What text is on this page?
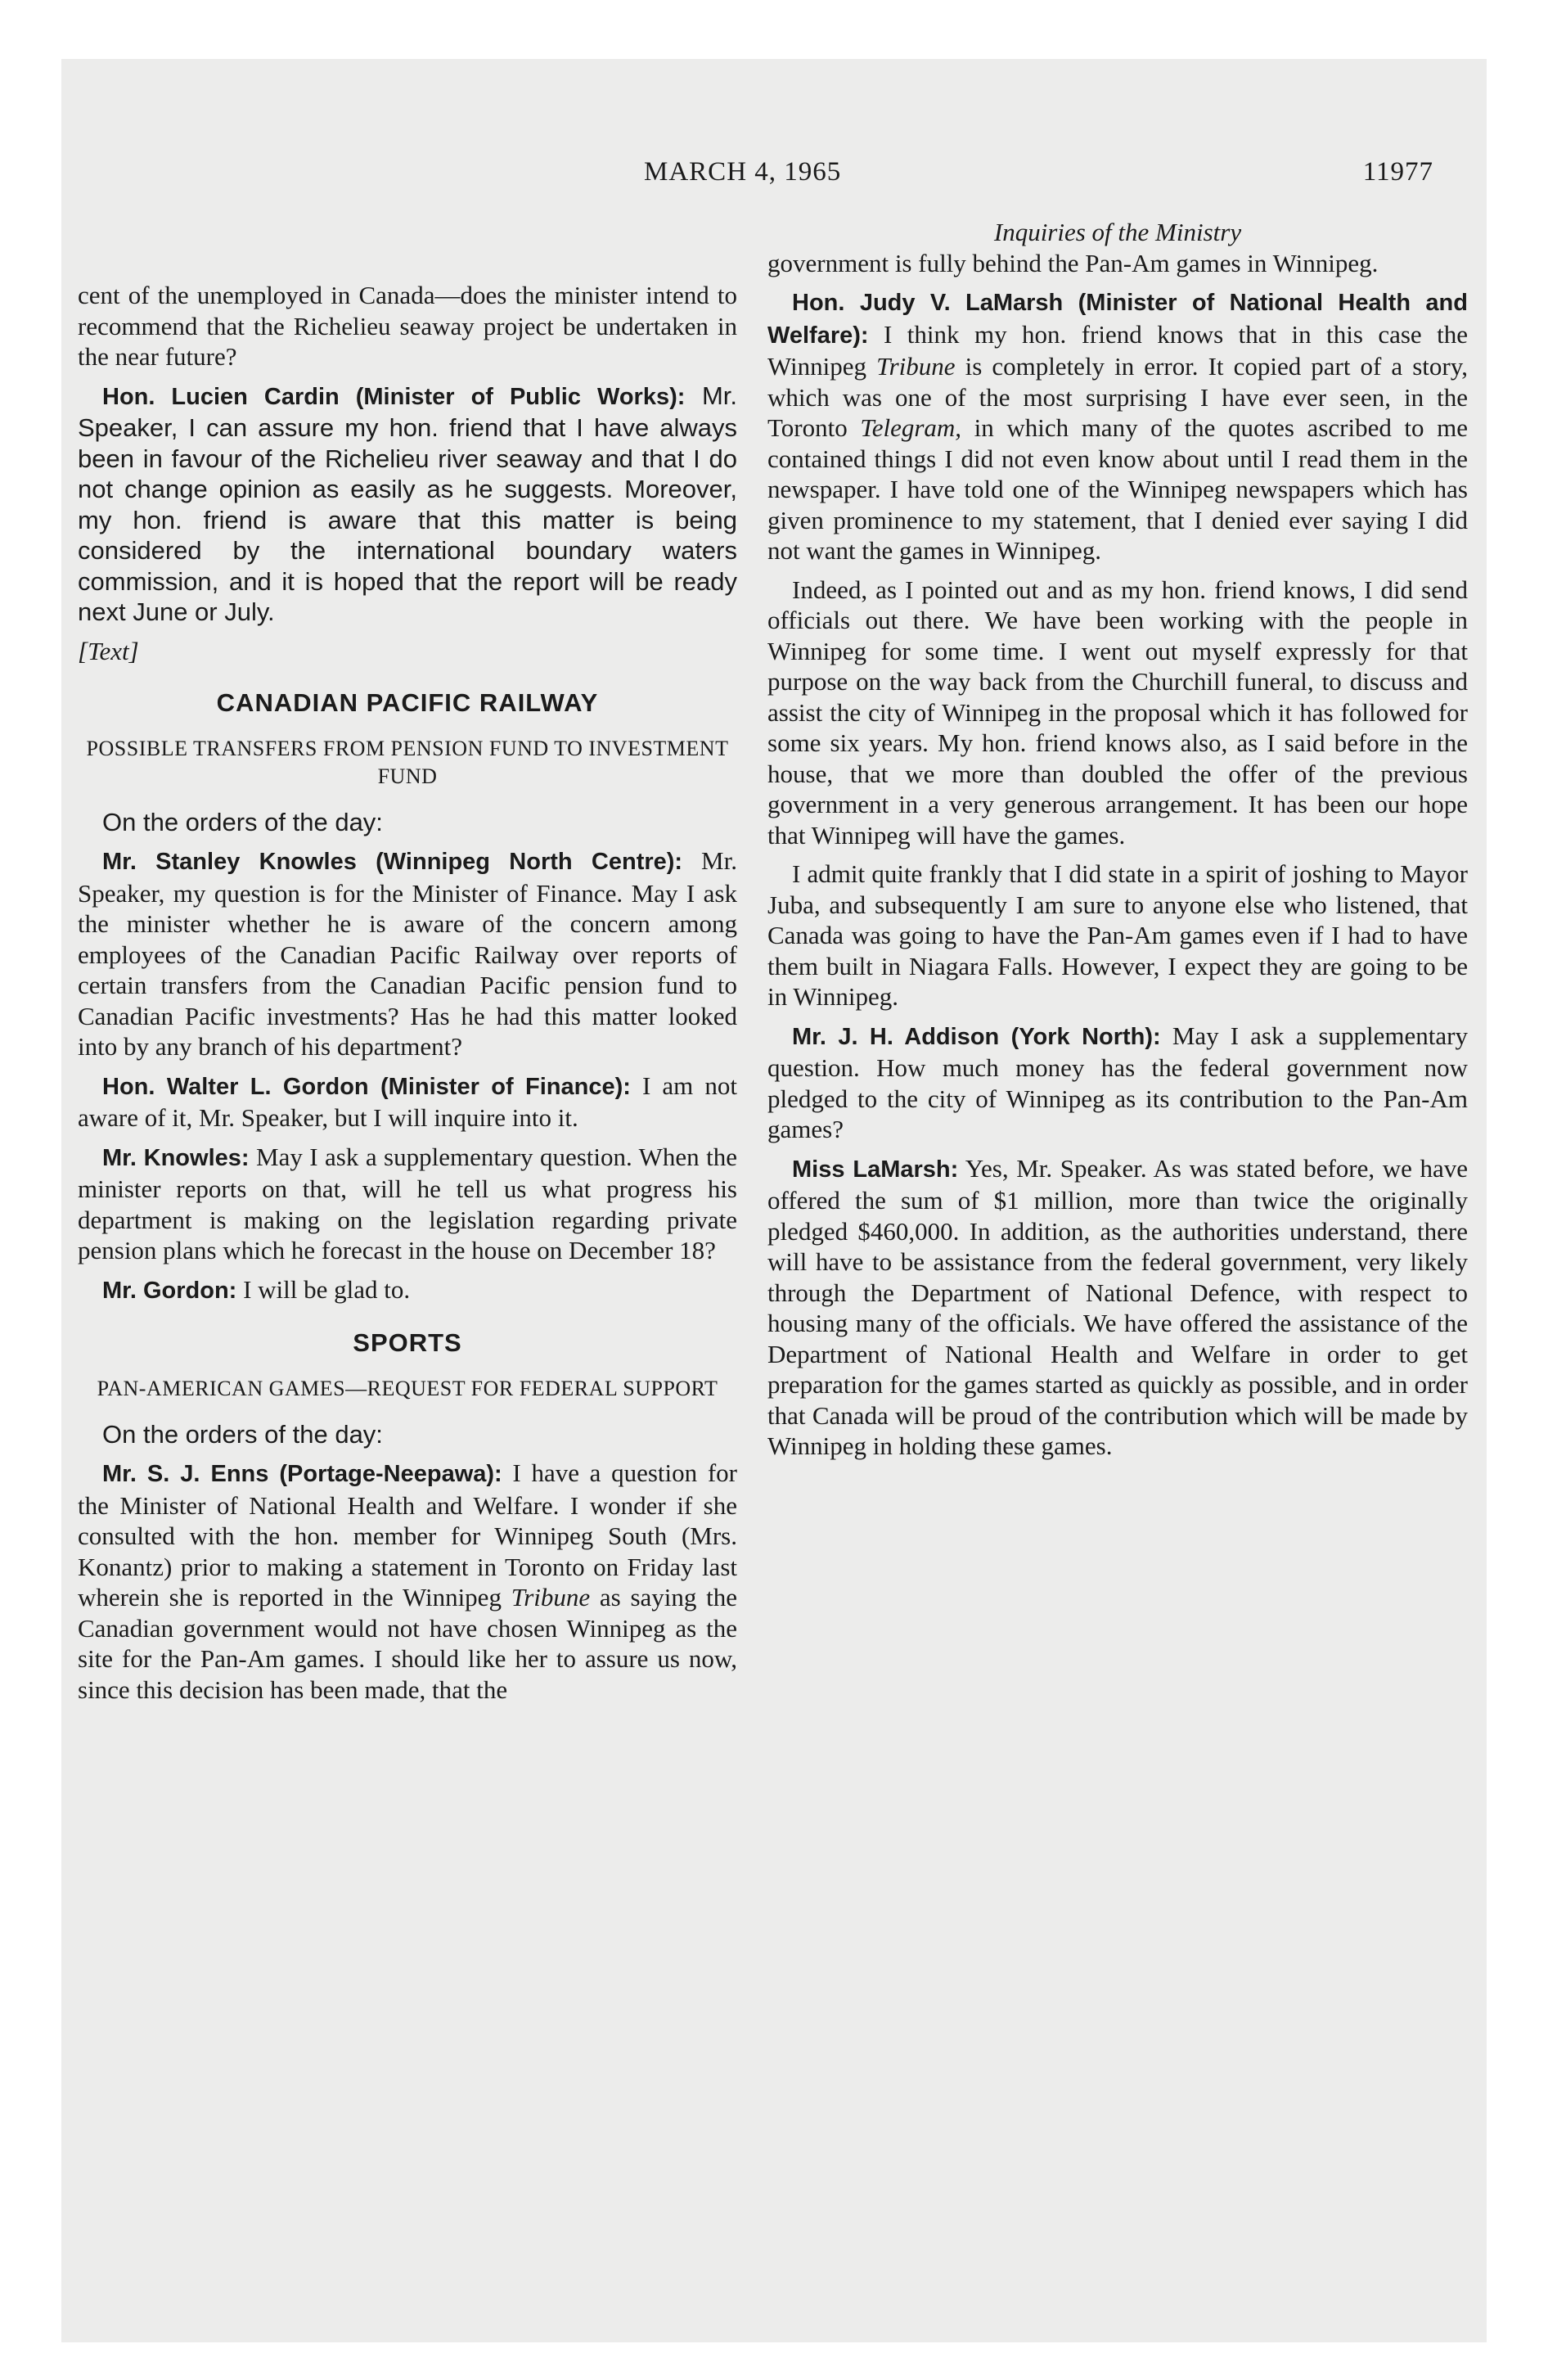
MARCH 4, 1965	11977

cent of the unemployed in Canada—does the minister intend to recommend that the Richelieu seaway project be undertaken in the near future?

Hon. Lucien Cardin (Minister of Public Works): Mr. Speaker, I can assure my hon. friend that I have always been in favour of the Richelieu river seaway and that I do not change opinion as easily as he suggests. Moreover, my hon. friend is aware that this matter is being considered by the international boundary waters commission, and it is hoped that the report will be ready next June or July.

[Text]

CANADIAN PACIFIC RAILWAY
POSSIBLE TRANSFERS FROM PENSION FUND TO INVESTMENT FUND

On the orders of the day:

Mr. Stanley Knowles (Winnipeg North Centre): Mr. Speaker, my question is for the Minister of Finance. May I ask the minister whether he is aware of the concern among employees of the Canadian Pacific Railway over reports of certain transfers from the Canadian Pacific pension fund to Canadian Pacific investments? Has he had this matter looked into by any branch of his department?

Hon. Walter L. Gordon (Minister of Finance): I am not aware of it, Mr. Speaker, but I will inquire into it.

Mr. Knowles: May I ask a supplementary question. When the minister reports on that, will he tell us what progress his department is making on the legislation regarding private pension plans which he forecast in the house on December 18?

Mr. Gordon: I will be glad to.

SPORTS
PAN-AMERICAN GAMES—REQUEST FOR FEDERAL SUPPORT

On the orders of the day:

Mr. S. J. Enns (Portage-Neepawa): I have a question for the Minister of National Health and Welfare. I wonder if she consulted with the hon. member for Winnipeg South (Mrs. Konantz) prior to making a statement in Toronto on Friday last wherein she is reported in the Winnipeg Tribune as saying the Canadian government would not have chosen Winnipeg as the site for the Pan-Am games. I should like her to assure us now, since this decision has been made, that the

Inquiries of the Ministry

government is fully behind the Pan-Am games in Winnipeg.

Hon. Judy V. LaMarsh (Minister of National Health and Welfare): I think my hon. friend knows that in this case the Winnipeg Tribune is completely in error. It copied part of a story, which was one of the most surprising I have ever seen, in the Toronto Telegram, in which many of the quotes ascribed to me contained things I did not even know about until I read them in the newspaper. I have told one of the Winnipeg newspapers which has given prominence to my statement, that I denied ever saying I did not want the games in Winnipeg.

Indeed, as I pointed out and as my hon. friend knows, I did send officials out there. We have been working with the people in Winnipeg for some time. I went out myself expressly for that purpose on the way back from the Churchill funeral, to discuss and assist the city of Winnipeg in the proposal which it has followed for some six years. My hon. friend knows also, as I said before in the house, that we more than doubled the offer of the previous government in a very generous arrangement. It has been our hope that Winnipeg will have the games.

I admit quite frankly that I did state in a spirit of joshing to Mayor Juba, and subsequently I am sure to anyone else who listened, that Canada was going to have the Pan-Am games even if I had to have them built in Niagara Falls. However, I expect they are going to be in Winnipeg.

Mr. J. H. Addison (York North): May I ask a supplementary question. How much money has the federal government now pledged to the city of Winnipeg as its contribution to the Pan-Am games?

Miss LaMarsh: Yes, Mr. Speaker. As was stated before, we have offered the sum of $1 million, more than twice the originally pledged $460,000. In addition, as the authorities understand, there will have to be assistance from the federal government, very likely through the Department of National Defence, with respect to housing many of the officials. We have offered the assistance of the Department of National Health and Welfare in order to get preparation for the games started as quickly as possible, and in order that Canada will be proud of the contribution which will be made by Winnipeg in holding these games.
